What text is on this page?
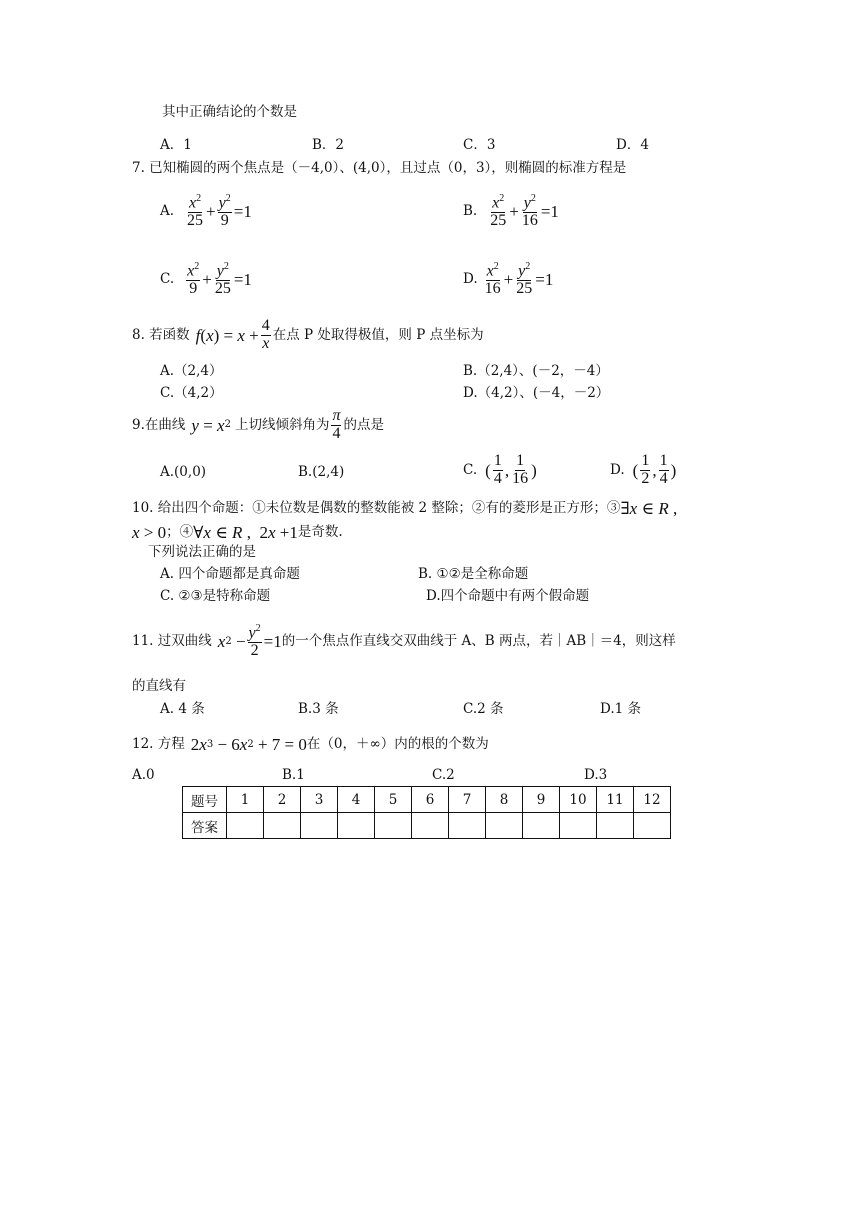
其中正确结论的个数是
A．1	B．2	C．3	D．4
7. 已知椭圆的两个焦点是（－4,0）、(4,0），且过点（0，3），则椭圆的标准方程是
A. $\frac{x^2}{25} + \frac{y^2}{9} =1$	B. $\frac{x^2}{25} + \frac{y^2}{16} =1$
C. $\frac{x^2}{9} + \frac{y^2}{25} =1$	D. $\frac{x^2}{16} + \frac{y^2}{25} =1$
8. 若函数 f ( x ) = $x + \frac{4}{x}$ 在点 P 处取得极值，则 P 点坐标为
A.（2,4）	B.（2,4）、(－2，－4）
C.（4,2）	D.（4,2）、(－4，－2）
9.在曲线 y = x 2 上切线倾斜角为 $\frac{\pi}{4}$ 的点是
A.(0,0)	B.(2,4)	C. ( $\frac{1}{4}$ , $\frac{1}{16}$ )	D. ( $\frac{1}{2}$ , $\frac{1}{4}$ )
10. 给出四个命题：①未位数是偶数的整数能被 2 整除；②有的菱形是正方形；③ ∃ x ∈ R ,
x > 0 ；④ ∀ x ∈ R ,  2 x +1 是奇数.
下列说法正确的是
A. 四个命题都是真命题	B. ①②是全称命题
C. ②③是特称命题	D.四个命题中有两个假命题
11. 过双曲线 x $2 - \frac{y^2}{2} =1$ 的一个焦点作直线交双曲线于 A、B 两点，若｜AB｜＝4，则这样
的直线有
A. 4 条	B.3 条	C.2 条	D.1 条
12. 方程 2 x 3 − 6 x 2 + 7 = 0 在（0，＋∞）内的根的个数为
A.0	B.1	C.2	D.3
题号	1	2	3	4	5	6	7	8	9	10	11	12
答案												
